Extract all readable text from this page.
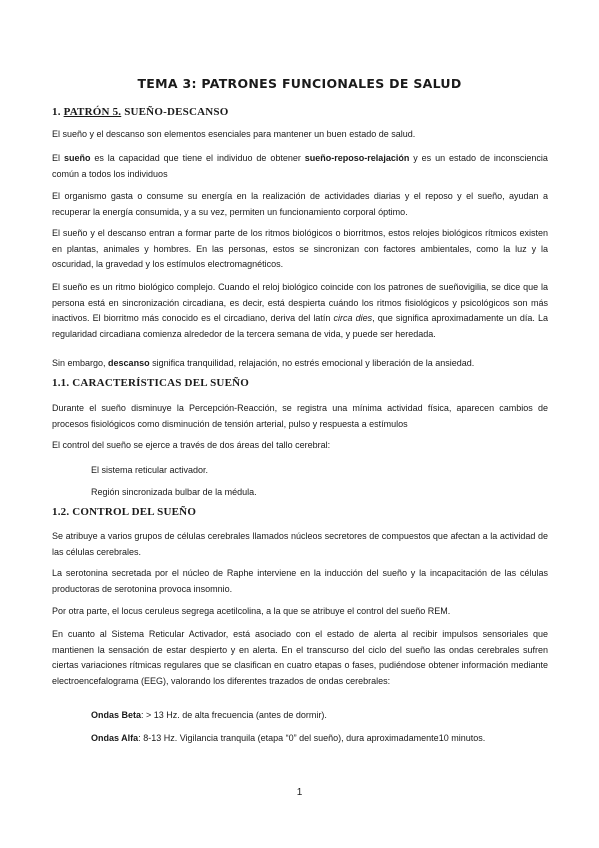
TEMA 3: PATRONES FUNCIONALES DE SALUD
1. PATRÓN 5. SUEÑO-DESCANSO
El sueño y el descanso son elementos esenciales para mantener un buen estado de salud.
El sueño es la capacidad que tiene el individuo de obtener sueño-reposo-relajación y es un estado de inconsciencia común a todos los individuos
El organismo gasta o consume su energía en la realización de actividades diarias y el reposo y el sueño, ayudan a recuperar la energía consumida, y a su vez, permiten un funcionamiento corporal óptimo.
El sueño y el descanso entran a formar parte de los ritmos biológicos o biorritmos, estos relojes biológicos rítmicos existen en plantas, animales y hombres. En las personas, estos se sincronizan con factores ambientales, como la luz y la oscuridad, la gravedad y los estímulos electromagnéticos.
El sueño es un ritmo biológico complejo. Cuando el reloj biológico coincide con los patrones de sueñovigilia, se dice que la persona está en sincronización circadiana, es decir, está despierta cuándo los ritmos fisiológicos y psicológicos son más inactivos. El biorritmo más conocido es el circadiano, deriva del latín circa dies, que significa aproximadamente un día. La regularidad circadiana comienza alrededor de la tercera semana de vida, y puede ser heredada.
Sin embargo, descanso significa tranquilidad, relajación, no estrés emocional y liberación de la ansiedad.
1.1. CARACTERÍSTICAS DEL SUEÑO
Durante el sueño disminuye la Percepción-Reacción, se registra una mínima actividad física, aparecen cambios de procesos fisiológicos como disminución de tensión arterial, pulso y respuesta a estímulos
El control del sueño se ejerce a través de dos áreas del tallo cerebral:
El sistema reticular activador.
Región sincronizada bulbar de la médula.
1.2. CONTROL DEL SUEÑO
Se atribuye a varios grupos de células cerebrales llamados núcleos secretores de compuestos que afectan a la actividad de las células cerebrales.
La serotonina secretada por el núcleo de Raphe interviene en la inducción del sueño y la incapacitación de las células productoras de serotonina provoca insomnio.
Por otra parte, el locus ceruleus segrega acetilcolina, a la que se atribuye el control del sueño REM.
En cuanto al Sistema Reticular Activador, está asociado con el estado de alerta al recibir impulsos sensoriales que mantienen la sensación de estar despierto y en alerta. En el transcurso del ciclo del sueño las ondas cerebrales sufren ciertas variaciones rítmicas regulares que se clasifican en cuatro etapas o fases, pudiéndose obtener información mediante electroencefalograma (EEG), valorando los diferentes trazados de ondas cerebrales:
Ondas Beta: > 13 Hz. de alta frecuencia (antes de dormir).
Ondas Alfa: 8-13 Hz. Vigilancia tranquila (etapa “0” del sueño), dura aproximadamente10 minutos.
1
